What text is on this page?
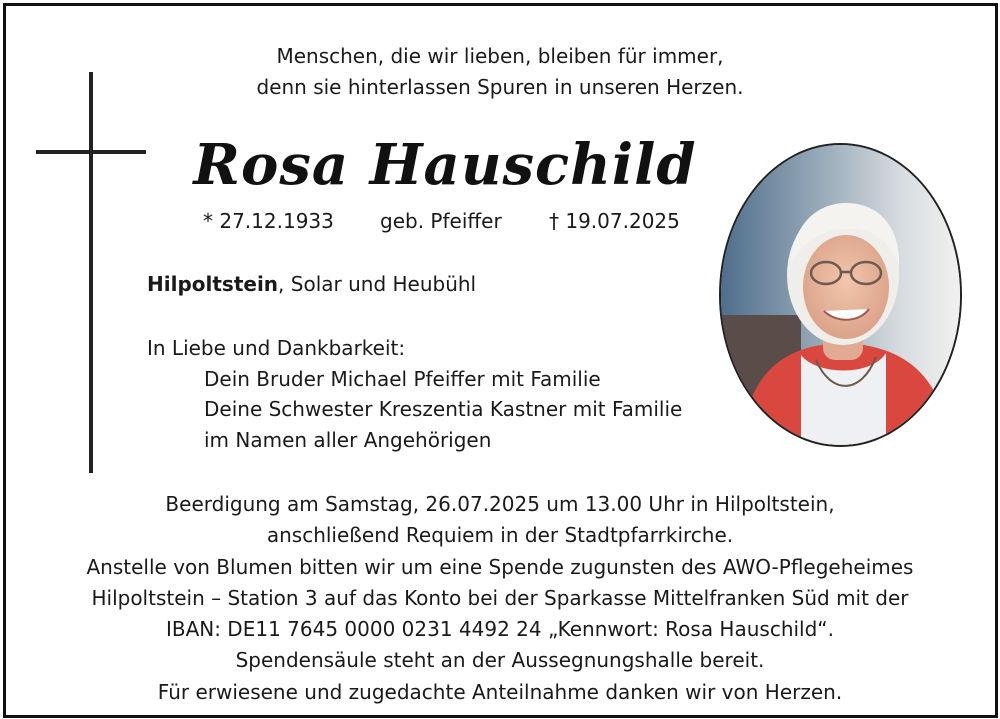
Menschen, die wir lieben, bleiben für immer,
denn sie hinterlassen Spuren in unseren Herzen.
Rosa Hauschild
* 27.12.1933 geb. Pfeiffer † 19.07.2025
Hilpoltstein, Solar und Heubühl
In Liebe und Dankbarkeit:
Dein Bruder Michael Pfeiffer mit Familie
Deine Schwester Kreszentia Kastner mit Familie
im Namen aller Angehörigen
Beerdigung am Samstag, 26.07.2025 um 13.00 Uhr in Hilpoltstein,
anschließend Requiem in der Stadtpfarrkirche.
Anstelle von Blumen bitten wir um eine Spende zugunsten des AWO-Pflegeheimes
Hilpoltstein – Station 3 auf das Konto bei der Sparkasse Mittelfranken Süd mit der
IBAN: DE11 7645 0000 0231 4492 24 „Kennwort: Rosa Hauschild“.
Spendensäule steht an der Aussegnungshalle bereit.
Für erwiesene und zugedachte Anteilnahme danken wir von Herzen.
